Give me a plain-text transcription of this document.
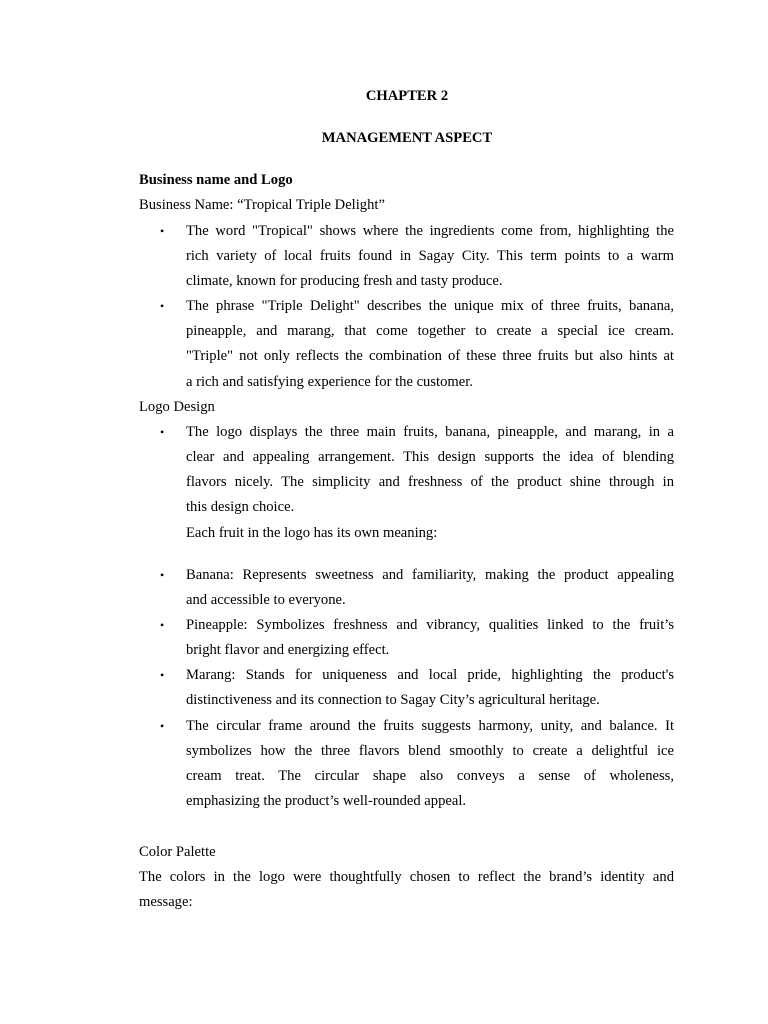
CHAPTER 2
MANAGEMENT ASPECT
Business name and Logo
Business Name: “Tropical Triple Delight”
• The word "Tropical" shows where the ingredients come from, highlighting the
rich variety of local fruits found in Sagay City. This term points to a warm
climate, known for producing fresh and tasty produce.
• The phrase "Triple Delight" describes the unique mix of three fruits, banana,
pineapple, and marang, that come together to create a special ice cream.
"Triple" not only reflects the combination of these three fruits but also hints at
a rich and satisfying experience for the customer.
Logo Design
• The logo displays the three main fruits, banana, pineapple, and marang, in a
clear and appealing arrangement. This design supports the idea of blending
flavors nicely. The simplicity and freshness of the product shine through in
this design choice.
Each fruit in the logo has its own meaning:
• Banana: Represents sweetness and familiarity, making the product appealing
and accessible to everyone.
• Pineapple: Symbolizes freshness and vibrancy, qualities linked to the fruit’s
bright flavor and energizing effect.
• Marang: Stands for uniqueness and local pride, highlighting the product's
distinctiveness and its connection to Sagay City’s agricultural heritage.
• The circular frame around the fruits suggests harmony, unity, and balance. It
symbolizes how the three flavors blend smoothly to create a delightful ice
cream treat. The circular shape also conveys a sense of wholeness,
emphasizing the product’s well-rounded appeal.
Color Palette
The colors in the logo were thoughtfully chosen to reflect the brand’s identity and
message:
